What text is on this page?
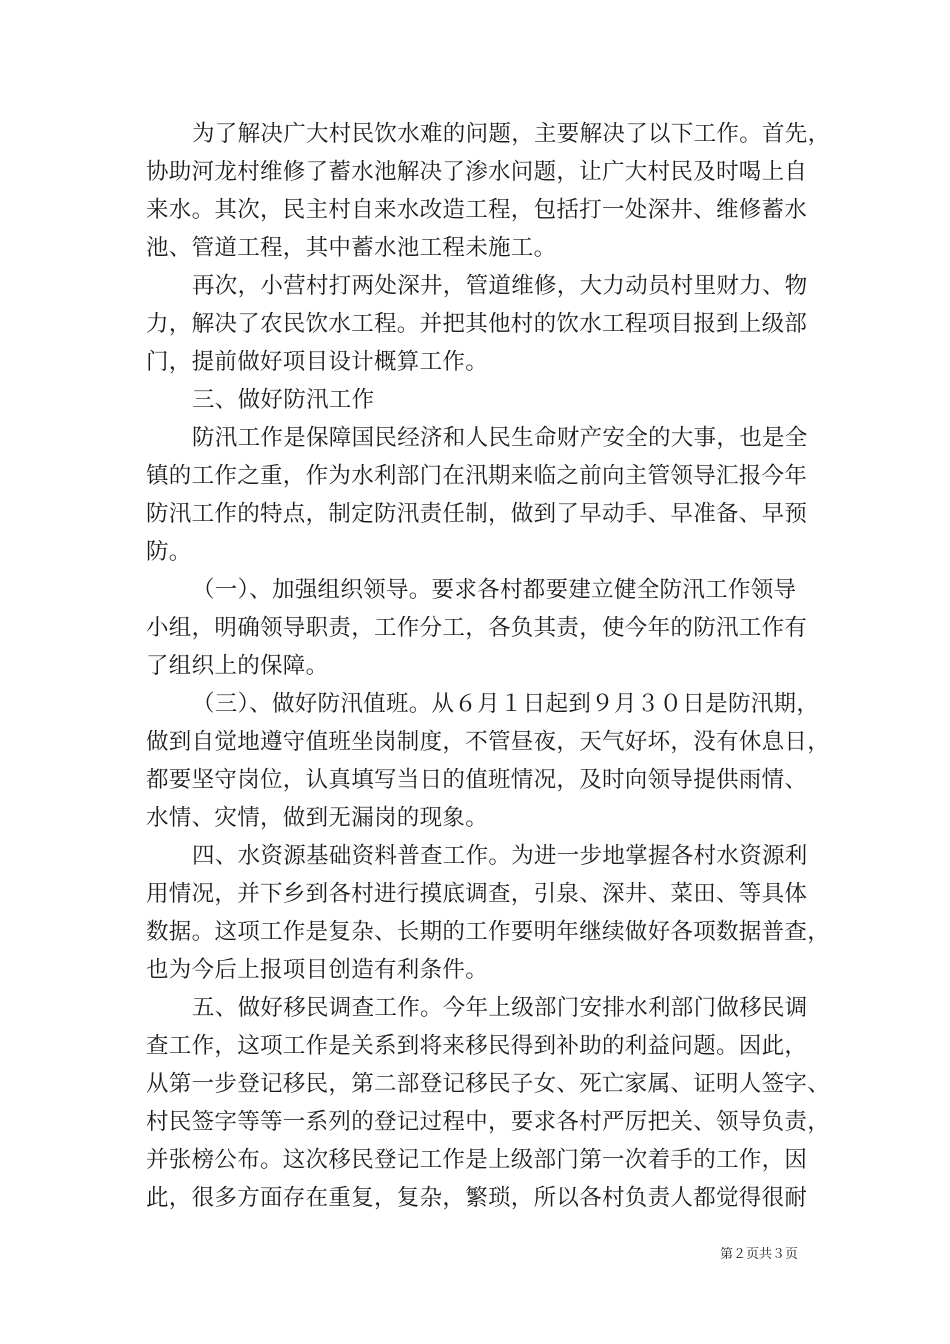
为了解决广大村民饮水难的问题，主要解决了以下工作。首先，
协助河龙村维修了蓄水池解决了渗水问题，让广大村民及时喝上自
来水。其次，民主村自来水改造工程，包括打一处深井、维修蓄水
池、管道工程，其中蓄水池工程未施工。
再次，小营村打两处深井，管道维修，大力动员村里财力、物
力，解决了农民饮水工程。并把其他村的饮水工程项目报到上级部
门，提前做好项目设计概算工作。
三、做好防汛工作
防汛工作是保障国民经济和人民生命财产安全的大事，也是全
镇的工作之重，作为水利部门在汛期来临之前向主管领导汇报今年
防汛工作的特点，制定防汛责任制，做到了早动手、早准备、早预
防。
（一）、加强组织领导。要求各村都要建立健全防汛工作领导
小组，明确领导职责，工作分工，各负其责，使今年的防汛工作有
了组织上的保障。
（三）、做好防汛值班。从６月１日起到９月３０日是防汛期，
做到自觉地遵守值班坐岗制度，不管昼夜，天气好坏，没有休息日，
都要坚守岗位，认真填写当日的值班情况，及时向领导提供雨情、
水情、灾情，做到无漏岗的现象。
四、水资源基础资料普查工作。为进一步地掌握各村水资源利
用情况，并下乡到各村进行摸底调查，引泉、深井、菜田、等具体
数据。这项工作是复杂、长期的工作要明年继续做好各项数据普查，
也为今后上报项目创造有利条件。
五、做好移民调查工作。今年上级部门安排水利部门做移民调
查工作，这项工作是关系到将来移民得到补助的利益问题。因此，
从第一步登记移民，第二部登记移民子女、死亡家属、证明人签字、
村民签字等等一系列的登记过程中，要求各村严厉把关、领导负责，
并张榜公布。这次移民登记工作是上级部门第一次着手的工作，因
此，很多方面存在重复，复杂，繁琐，所以各村负责人都觉得很耐
第２页共３页
